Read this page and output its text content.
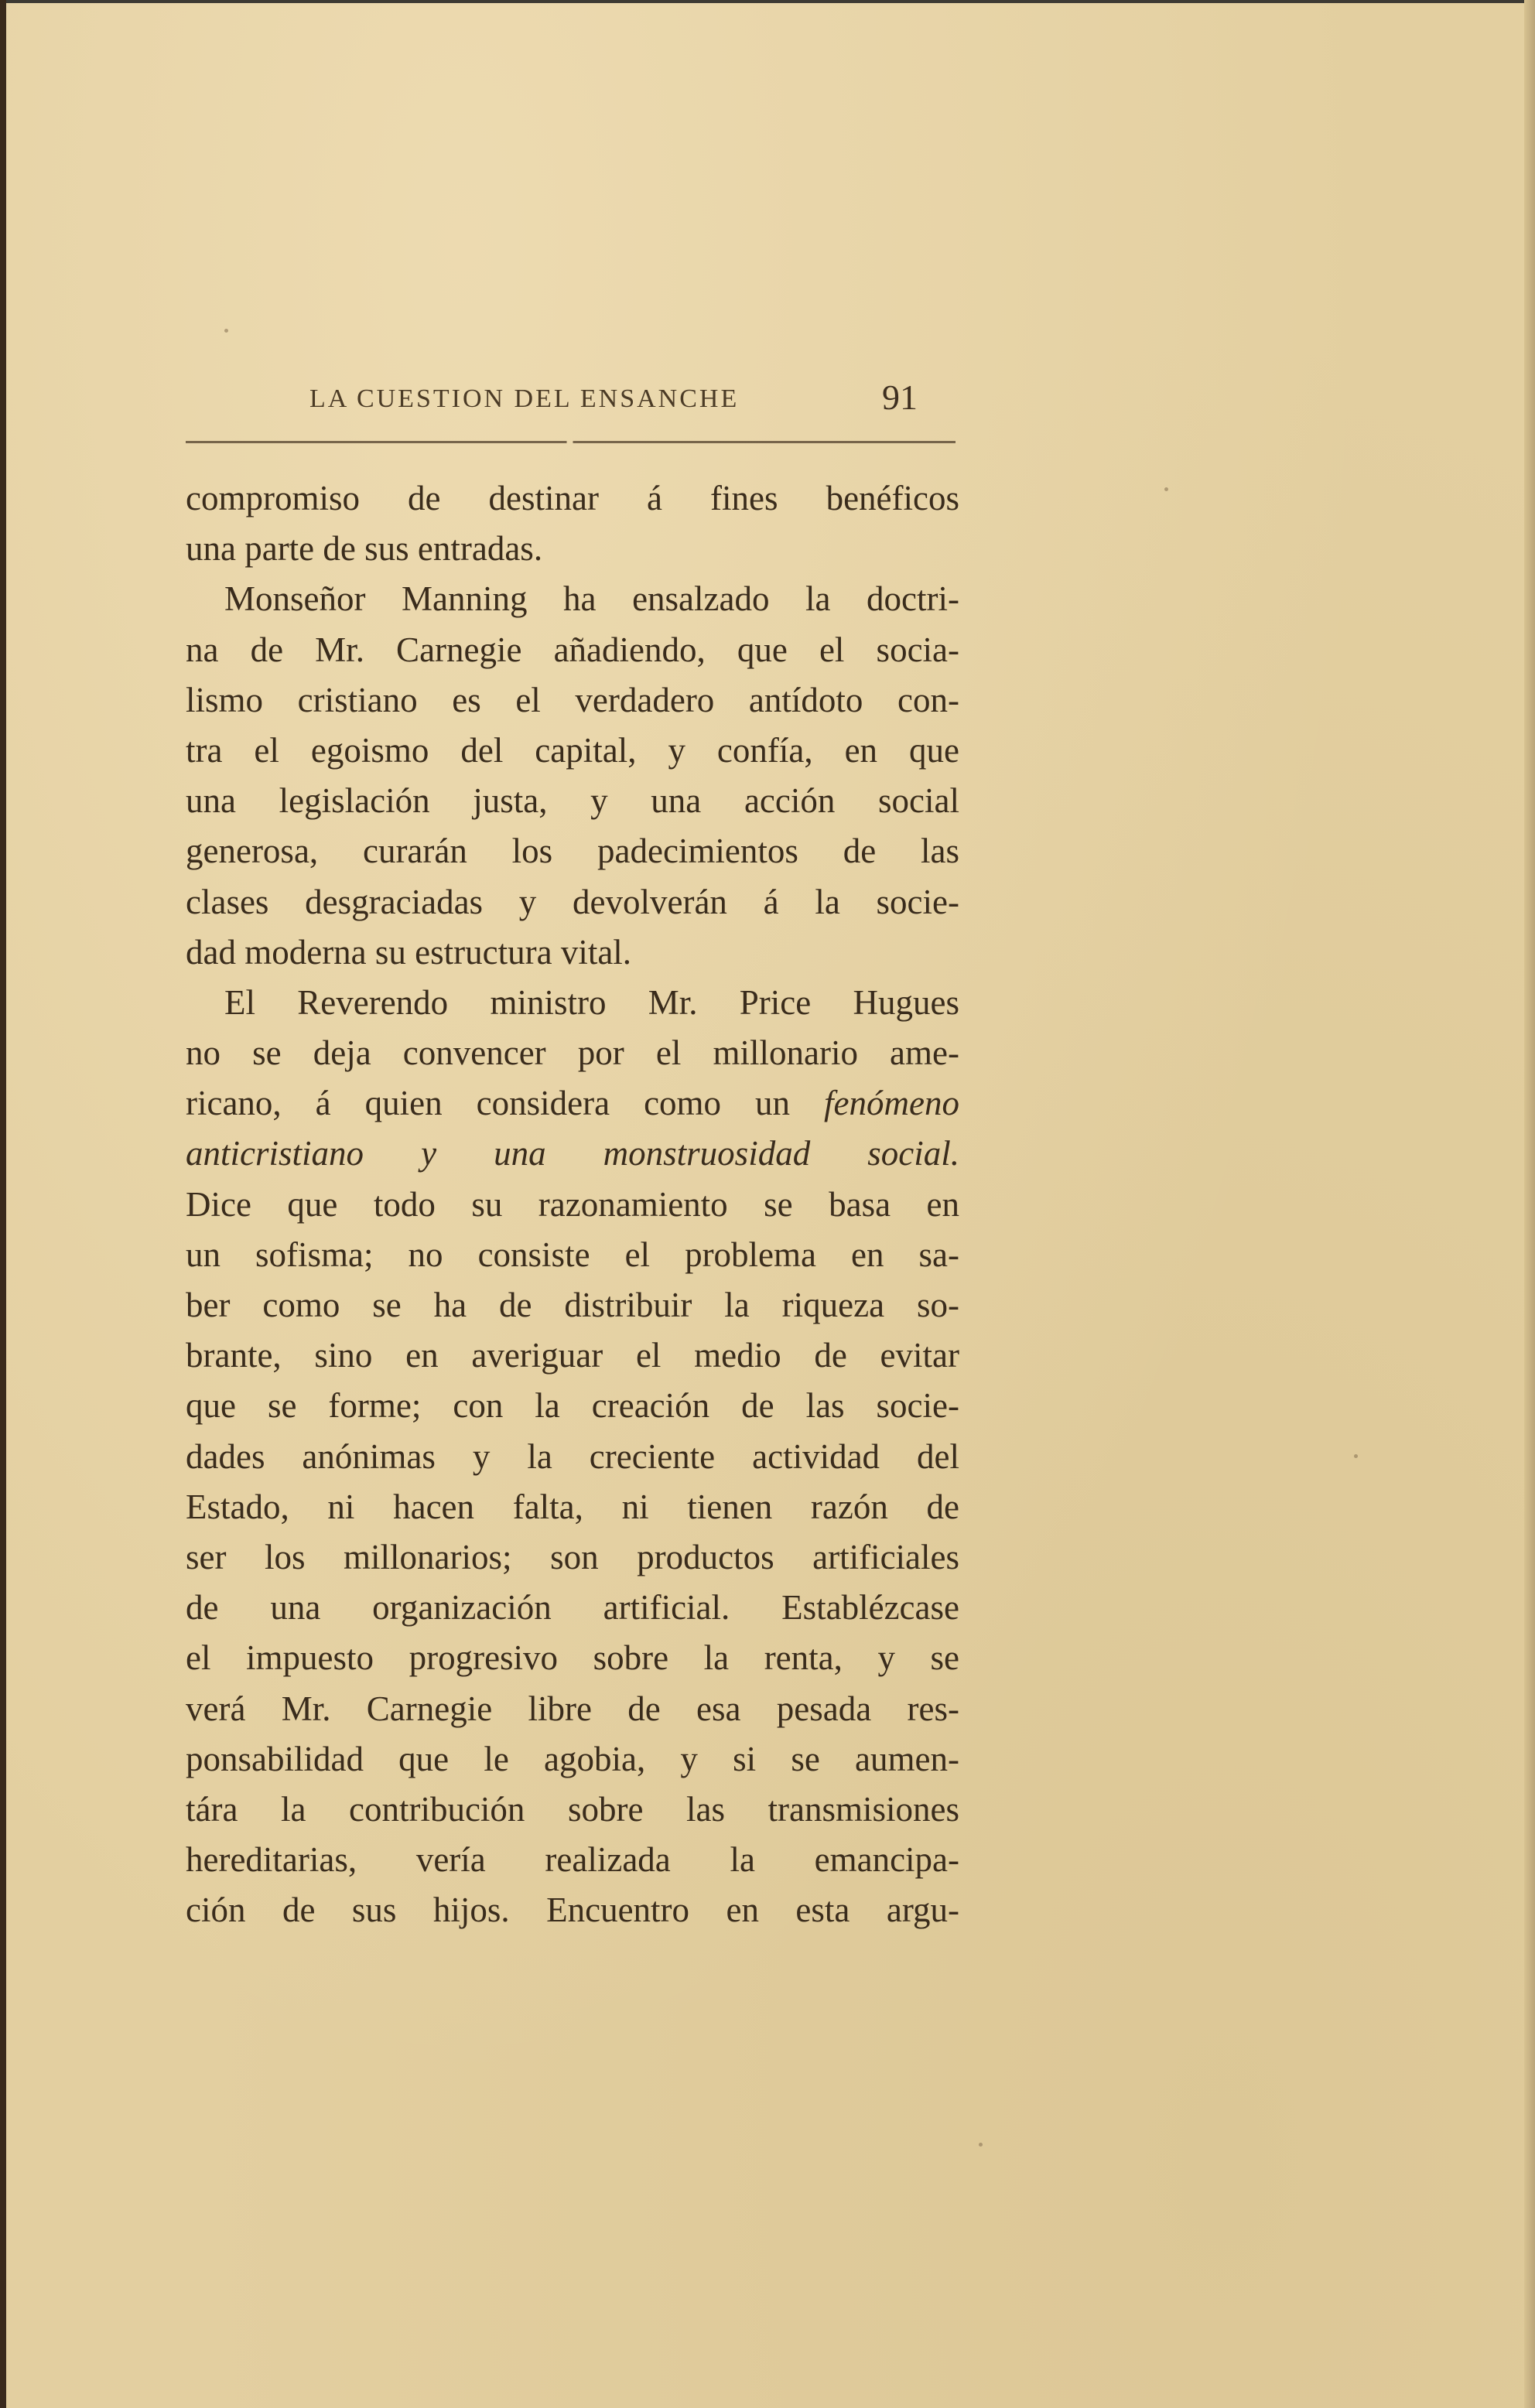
LA CUESTION DEL ENSANCHE	91
compromiso de destinar á fines benéficos
una parte de sus entradas.
Monseñor Manning ha ensalzado la doctri-
na de Mr. Carnegie añadiendo, que el socia-
lismo cristiano es el verdadero antídoto con-
tra el egoismo del capital, y confía, en que
una legislación justa, y una acción social
generosa, curarán los padecimientos de las
clases desgraciadas y devolverán á la socie-
dad moderna su estructura vital.
El Reverendo ministro Mr. Price Hugues
no se deja convencer por el millonario ame-
ricano, á quien considera como un fenómeno
anticristiano y una monstruosidad social.
Dice que todo su razonamiento se basa en
un sofisma; no consiste el problema en sa-
ber como se ha de distribuir la riqueza so-
brante, sino en averiguar el medio de evitar
que se forme; con la creación de las socie-
dades anónimas y la creciente actividad del
Estado, ni hacen falta, ni tienen razón de
ser los millonarios; son productos artificiales
de una organización artificial. Establézcase
el impuesto progresivo sobre la renta, y se
verá Mr. Carnegie libre de esa pesada res-
ponsabilidad que le agobia, y si se aumen-
tára la contribución sobre las transmisiones
hereditarias, vería realizada la emancipa-
ción de sus hijos. Encuentro en esta argu-
